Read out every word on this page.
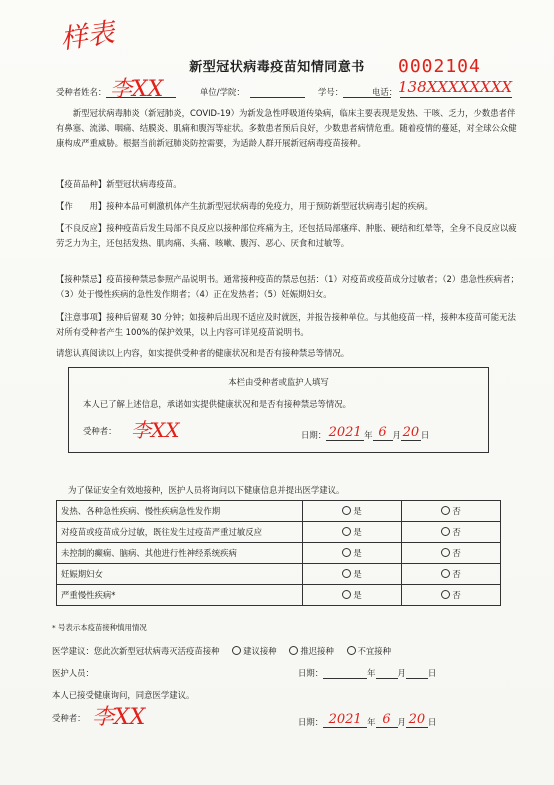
样表
新型冠状病毒疫苗知情同意书	0002104
受种者姓名： 李XX	单位/学院：	学号：	电话： 138XXXXXXXX
新型冠状病毒肺炎（新冠肺炎，COVID-19）为新发急性呼吸道传染病，临床主要表现是发热、干咳、乏力，少数患者伴有鼻塞、流涕、咽痛、结膜炎、肌痛和腹泻等症状。多数患者预后良好，少数患者病情危重。随着疫情的蔓延，对全球公众健康构成严重威胁。根据当前新冠肺炎防控需要，为适龄人群开展新冠病毒疫苗接种。
【疫苗品种】新型冠状病毒疫苗。
【作　　用】接种本品可刺激机体产生抗新型冠状病毒的免疫力，用于预防新型冠状病毒引起的疾病。
【不良反应】接种疫苗后发生局部不良反应以接种部位疼痛为主，还包括局部瘙痒、肿胀、硬结和红晕等，全身不良反应以疲劳乏力为主，还包括发热、肌肉痛、头痛、咳嗽、腹泻、恶心、厌食和过敏等。
【接种禁忌】疫苗接种禁忌参照产品说明书。通常接种疫苗的禁忌包括：（1）对疫苗或疫苗成分过敏者；（2）患急性疾病者；（3）处于慢性疾病的急性发作期者；（4）正在发热者；（5）妊娠期妇女。
【注意事项】接种后留观 30 分钟；如接种后出现不适应及时就医，并报告接种单位。与其他疫苗一样，接种本疫苗可能无法对所有受种者产生 100%的保护效果，以上内容可详见疫苗说明书。
请您认真阅读以上内容，如实提供受种者的健康状况和是否有接种禁忌等情况。
本栏由受种者或监护人填写
本人已了解上述信息，承诺如实提供健康状况和是否有接种禁忌等情况。
受种者： 李XX	日期： 2021 年 6 月 20 日
为了保证安全有效地接种，医护人员将询问以下健康信息并提出医学建议。
发热、各种急性疾病、慢性疾病急性发作期	是	否
对疫苗或疫苗成分过敏，既往发生过疫苗严重过敏反应	是	否
未控制的癫痫、脑病、其他进行性神经系统疾病	是	否
妊娠期妇女	是	否
严重慢性疾病*	是	否
* 号表示本疫苗接种慎用情况
医学建议：您此次新型冠状病毒灭活疫苗接种	建议接种	推迟接种	不宜接种
医护人员：	日期：	年	月	日
本人已接受健康询问，同意医学建议。
受种者： 李XX	日期： 2021 年 6 月 20 日
